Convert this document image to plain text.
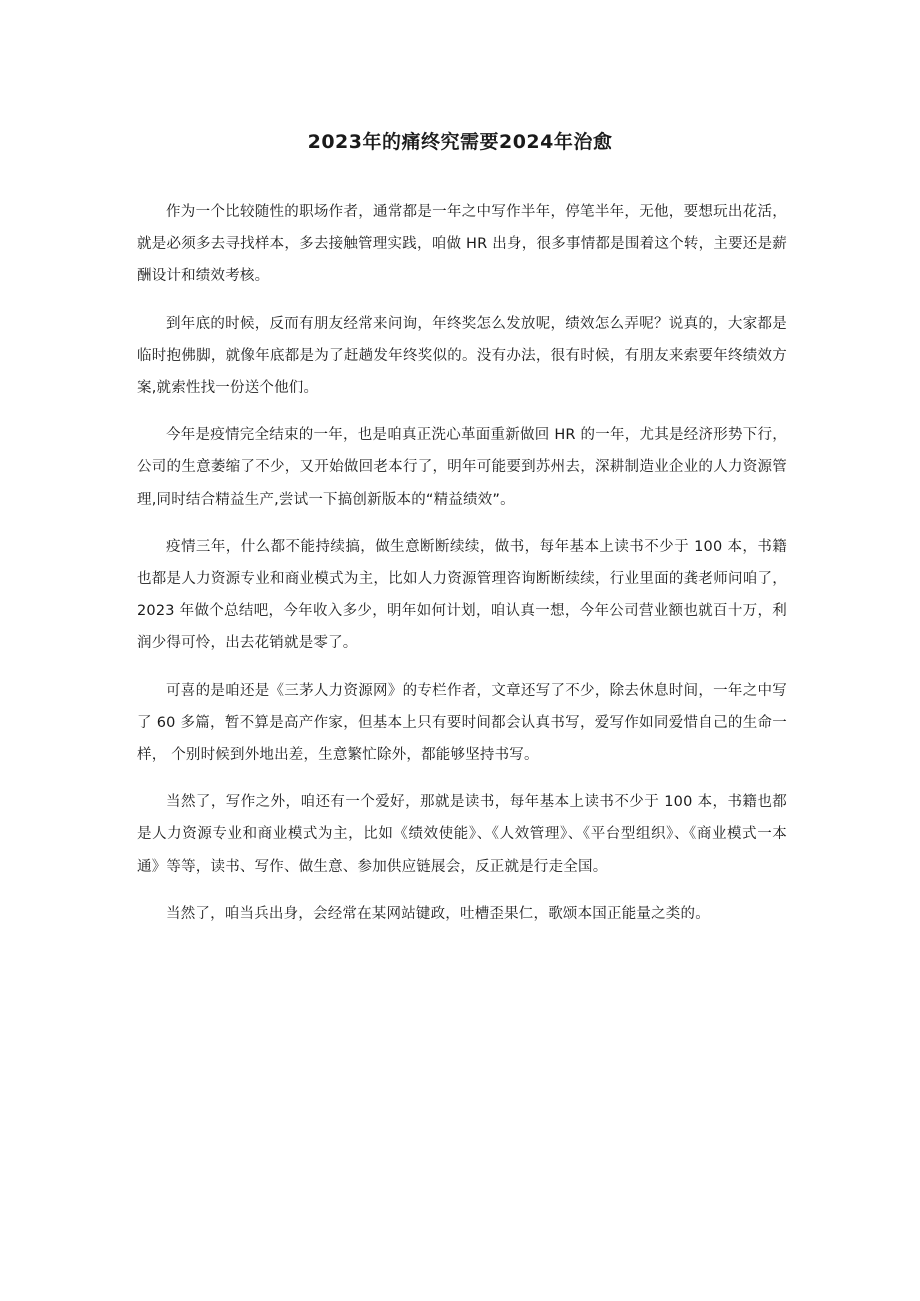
2023年的痛终究需要2024年治愈

作为一个比较随性的职场作者，通常都是一年之中写作半年，停笔半年，无他，要想玩出花活，就是必须多去寻找样本，多去接触管理实践，咱做 HR 出身，很多事情都是围着这个转，主要还是薪酬设计和绩效考核。

到年底的时候，反而有朋友经常来问询，年终奖怎么发放呢，绩效怎么弄呢？说真的，大家都是临时抱佛脚，就像年底都是为了赶趟发年终奖似的。没有办法，很有时候，有朋友来索要年终绩效方案,就索性找一份送个他们。

今年是疫情完全结束的一年，也是咱真正洗心革面重新做回 HR 的一年，尤其是经济形势下行，公司的生意萎缩了不少，又开始做回老本行了，明年可能要到苏州去，深耕制造业企业的人力资源管理,同时结合精益生产,尝试一下搞创新版本的“精益绩效”。

疫情三年，什么都不能持续搞，做生意断断续续，做书，每年基本上读书不少于 100 本，书籍也都是人力资源专业和商业模式为主，比如人力资源管理咨询断断续续，行业里面的龚老师问咱了，2023 年做个总结吧，今年收入多少，明年如何计划，咱认真一想，今年公司营业额也就百十万，利润少得可怜，出去花销就是零了。

可喜的是咱还是《三茅人力资源网》的专栏作者，文章还写了不少，除去休息时间，一年之中写了 60 多篇，暂不算是高产作家，但基本上只有要时间都会认真书写，爱写作如同爱惜自己的生命一样， 个别时候到外地出差，生意繁忙除外，都能够坚持书写。

当然了，写作之外，咱还有一个爱好，那就是读书，每年基本上读书不少于 100 本，书籍也都是人力资源专业和商业模式为主，比如《绩效使能》、《人效管理》、《平台型组织》、《商业模式一本通》等等，读书、写作、做生意、参加供应链展会，反正就是行走全国。

当然了，咱当兵出身，会经常在某网站键政，吐槽歪果仁，歌颂本国正能量之类的。
